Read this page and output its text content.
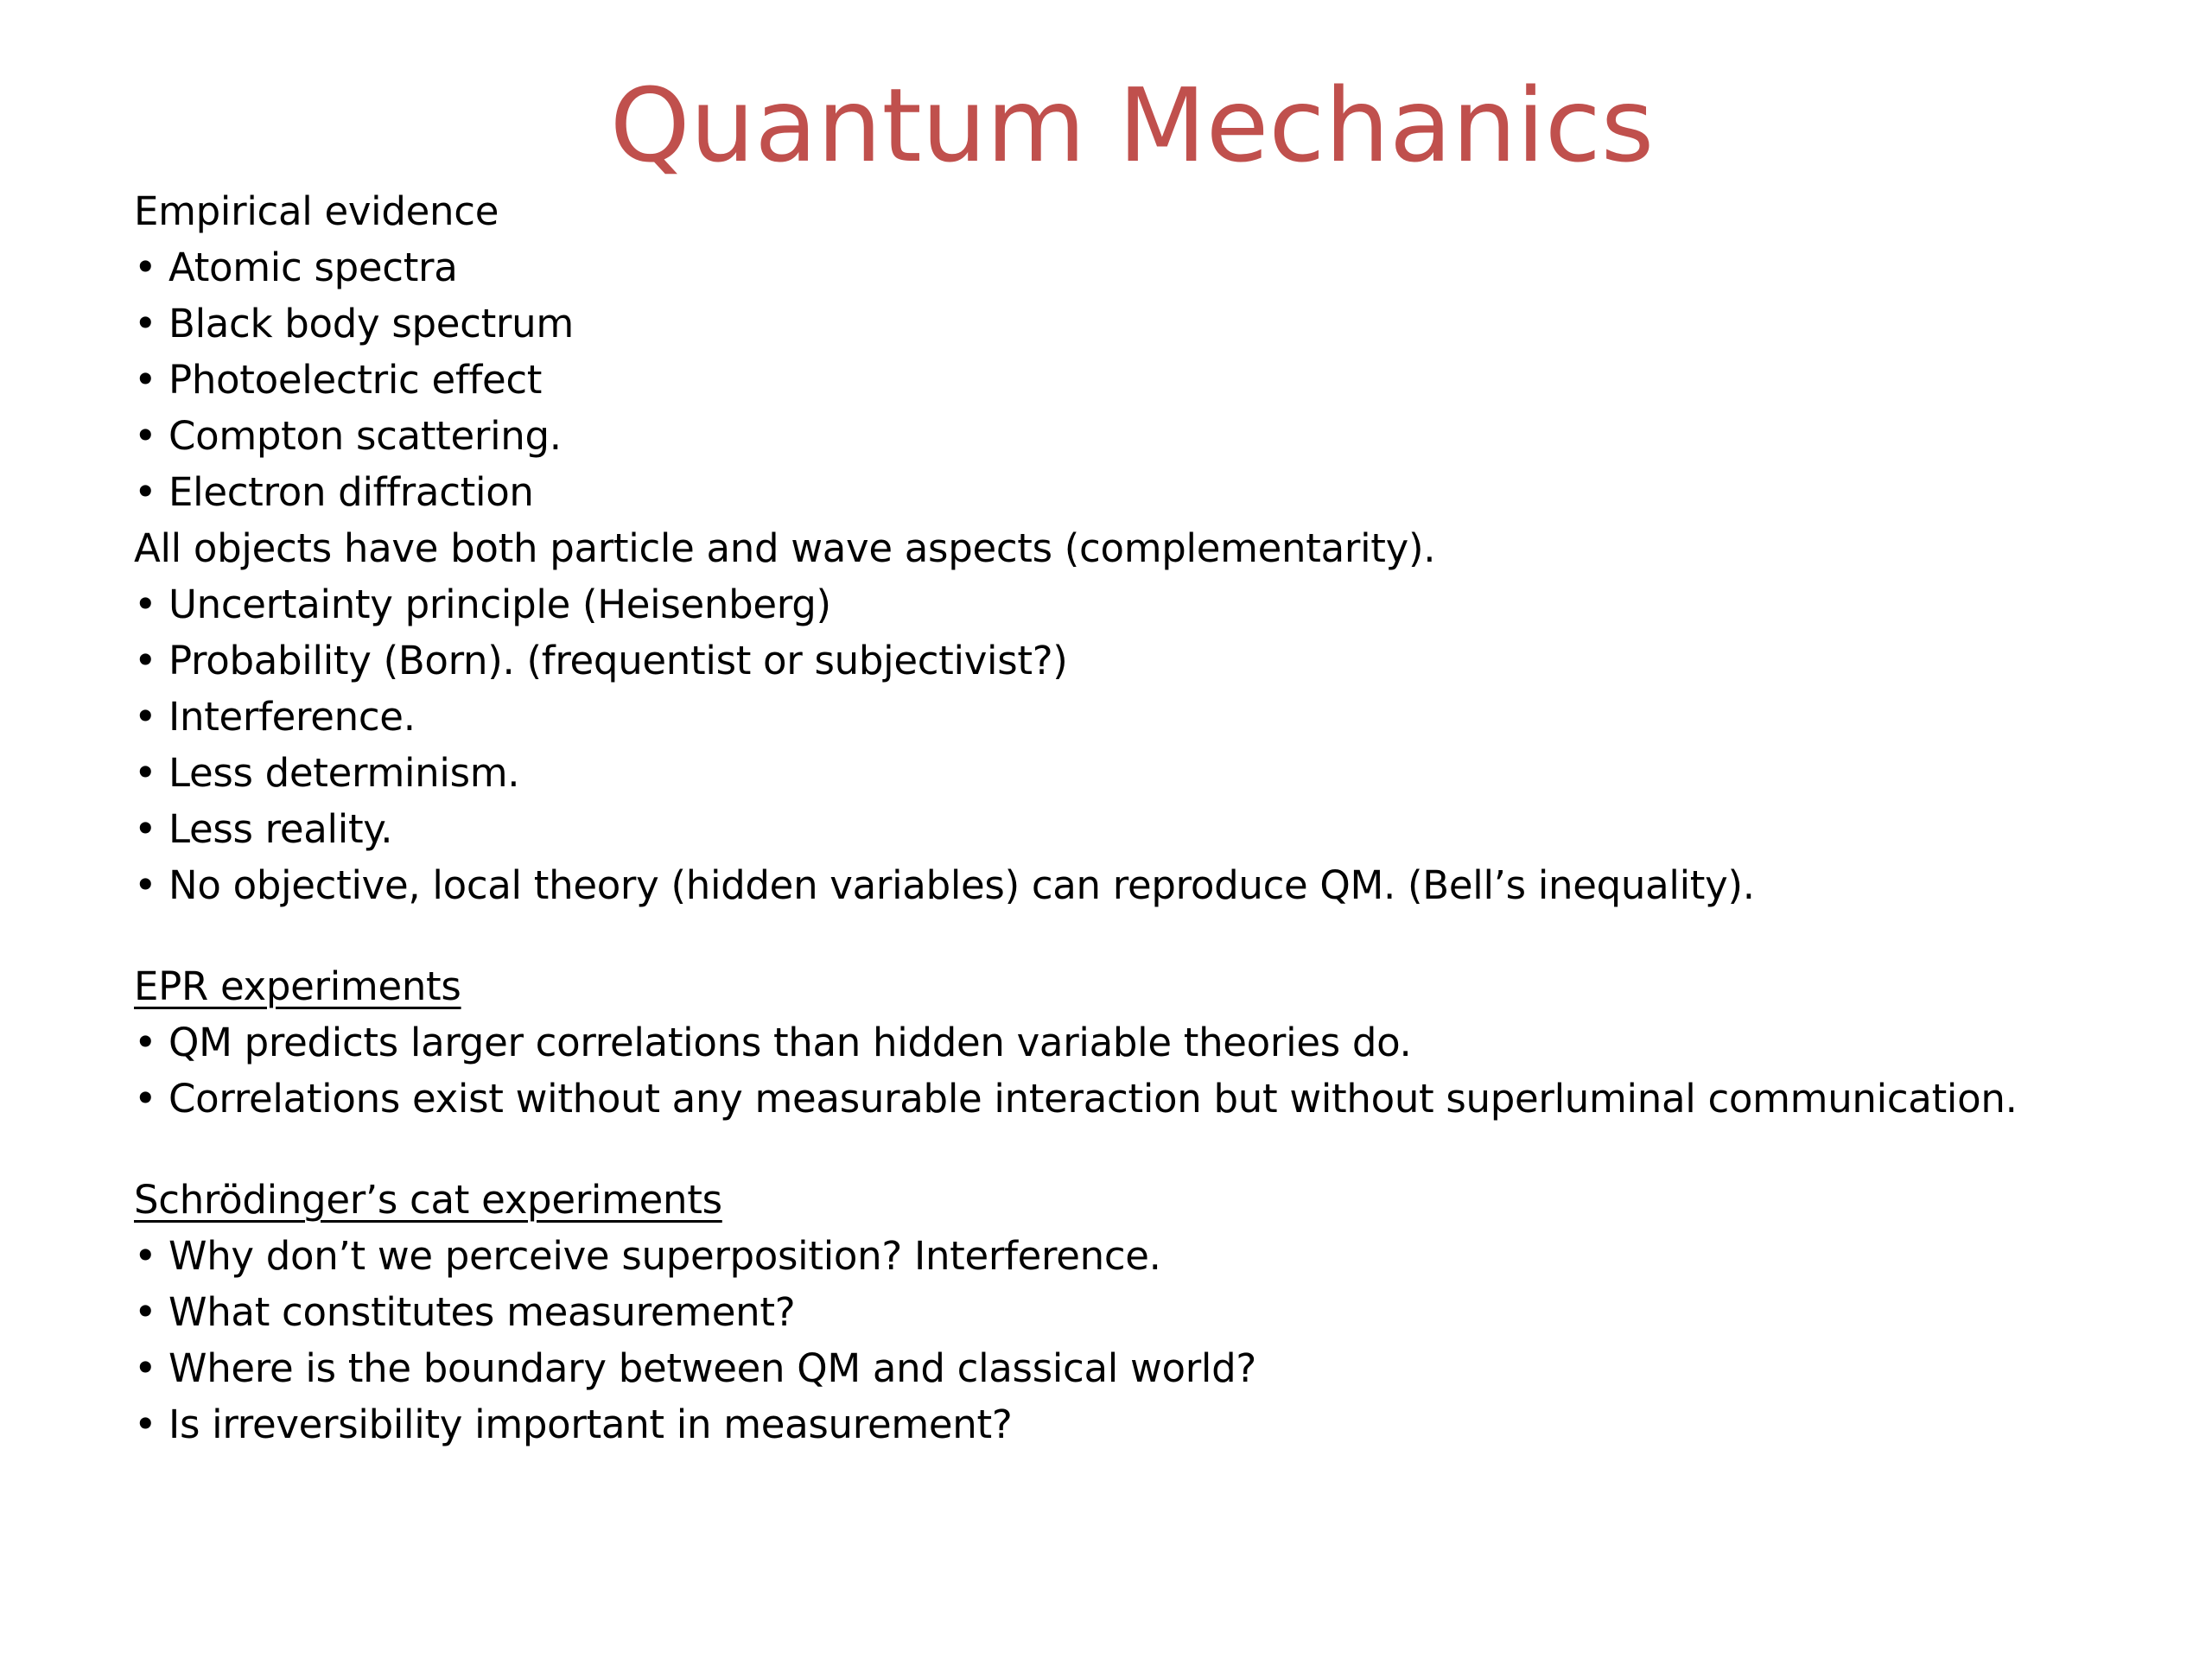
Quantum Mechanics
Empirical evidence
• Atomic spectra
• Black body spectrum
• Photoelectric effect
• Compton scattering.
• Electron diffraction
All objects have both particle and wave aspects (complementarity).
• Uncertainty principle (Heisenberg)
• Probability (Born). (frequentist or subjectivist?)
• Interference.
• Less determinism.
• Less reality.
• No objective, local theory (hidden variables) can reproduce QM. (Bell’s inequality).
EPR experiments
• QM predicts larger correlations than hidden variable theories do.
• Correlations exist without any measurable interaction but without superluminal communication.
Schrödinger’s cat experiments
• Why don’t we perceive superposition? Interference.
• What constitutes measurement?
• Where is the boundary between QM and classical world?
• Is irreversibility important in measurement?
